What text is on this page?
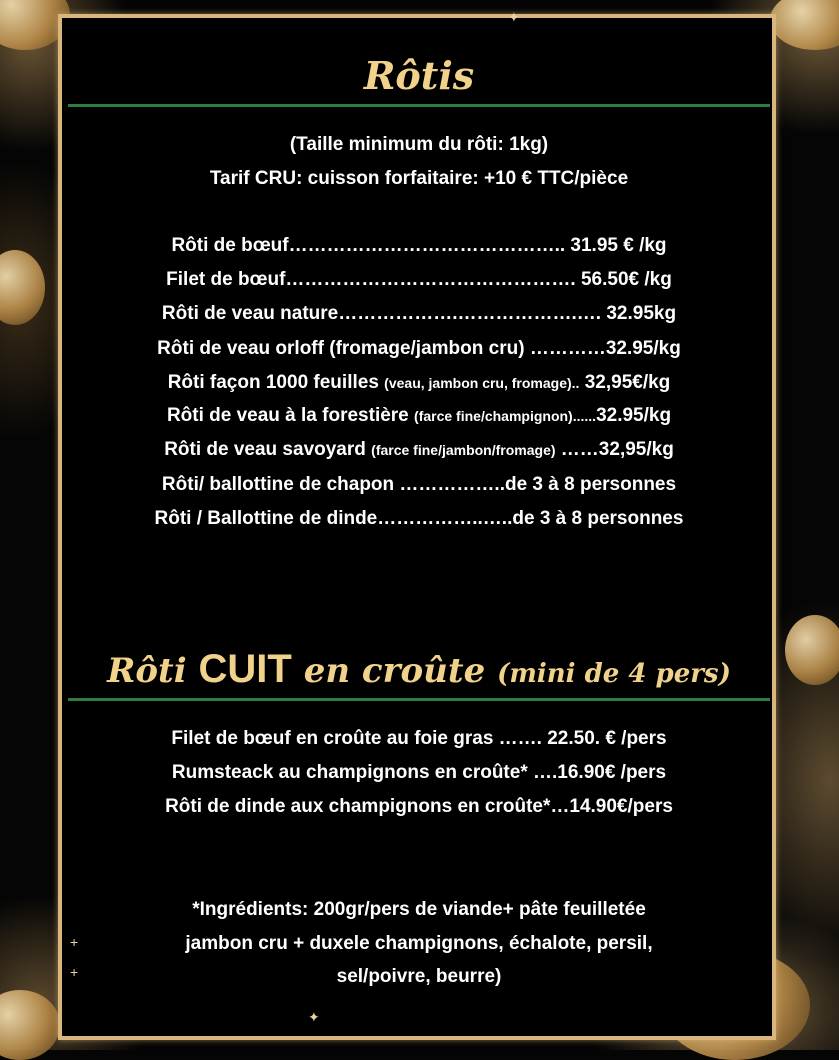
✦
✦
+
+
Rôtis
(Taille minimum du rôti: 1kg)
Tarif CRU: cuisson forfaitaire: +10 € TTC/pièce
Rôti de bœuf…………………………………….. 31.95 € /kg
Filet de bœuf………………………………………. 56.50€ /kg
Rôti de veau nature……………….……………….…. 32.95kg
Rôti de veau orloff (fromage/jambon cru) …………32.95/kg
Rôti façon 1000 feuilles (veau, jambon cru, fromage).. 32,95€/kg
Rôti de veau à la forestière (farce fine/champignon)......32.95/kg
Rôti de veau savoyard (farce fine/jambon/fromage) ……32,95/kg
Rôti/ ballottine de chapon ……………..de 3 à 8 personnes
Rôti / Ballottine de dinde……………..…..de 3 à 8 personnes
Rôti CUIT en croûte (mini de 4 pers)
Filet de bœuf en croûte au foie gras ……. 22.50. € /pers
Rumsteack au champignons en croûte* ….16.90€ /pers
Rôti de dinde aux champignons en croûte*…14.90€/pers
*Ingrédients: 200gr/pers de viande+ pâte feuilletée
jambon cru + duxele champignons, échalote, persil,
sel/poivre, beurre)
